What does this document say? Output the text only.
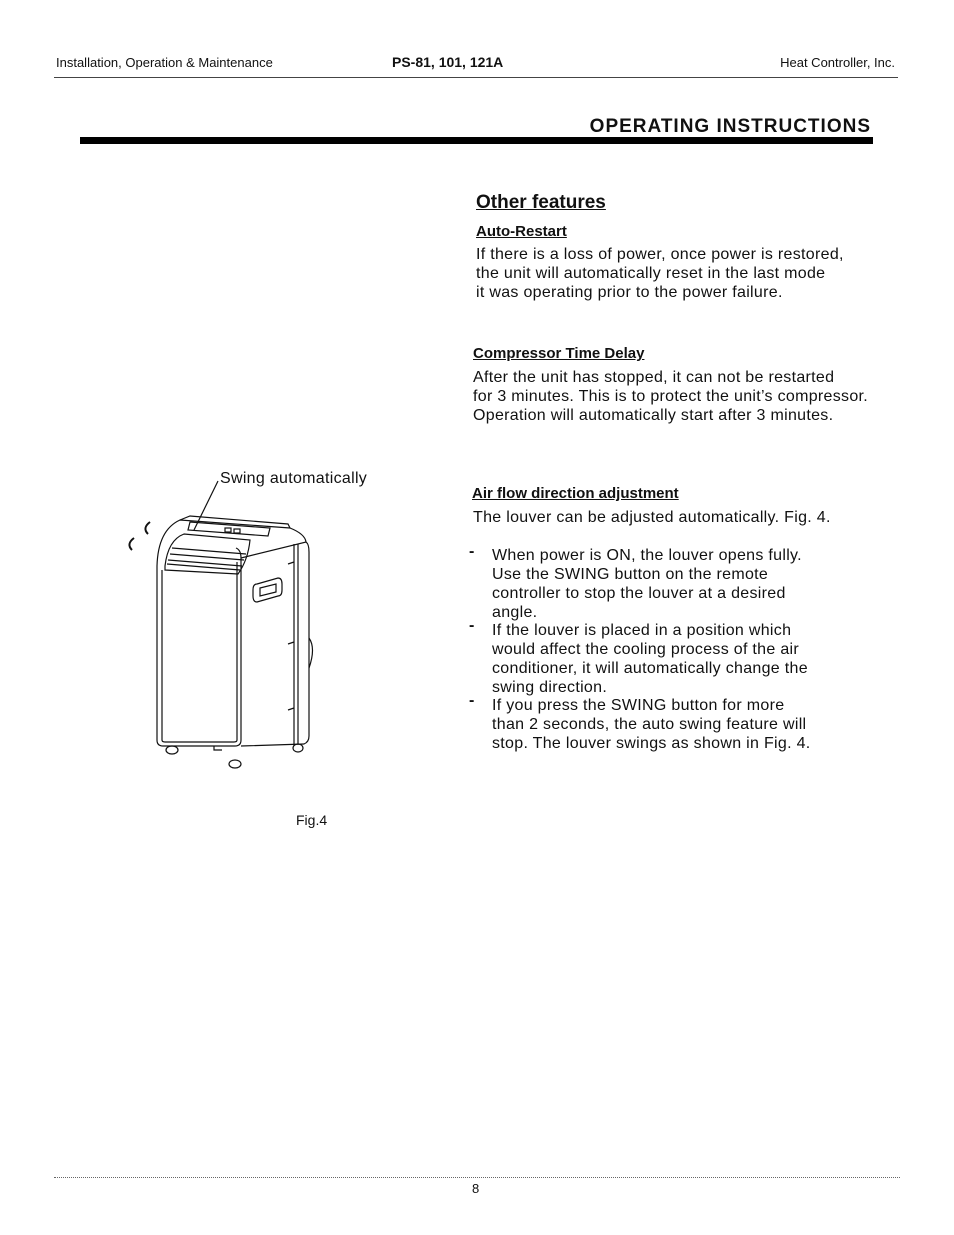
Installation, Operation & Maintenance	PS-81, 101, 121A	Heat Controller, Inc.
OPERATING INSTRUCTIONS
Other features
Auto-Restart
If there is a loss of power, once power is restored,
the unit will automatically reset in the last mode
it was operating prior to the power failure.
Compressor Time Delay
After the unit has stopped, it can not be restarted
for 3 minutes. This is to protect the unit’s compressor.
Operation will automatically start after 3 minutes.
Air flow direction adjustment
The louver can be adjusted automatically. Fig. 4.
- When power is ON, the louver opens fully.
Use the SWING button on the remote
controller to stop the louver at a desired
angle.
- If the louver is placed in a position which
would affect the cooling process of the air
conditioner, it will automatically change the
swing direction.
- If you press the SWING button for more
than 2 seconds, the auto swing feature will
stop. The louver swings as shown in Fig. 4.
Swing automatically
Fig.4
8
